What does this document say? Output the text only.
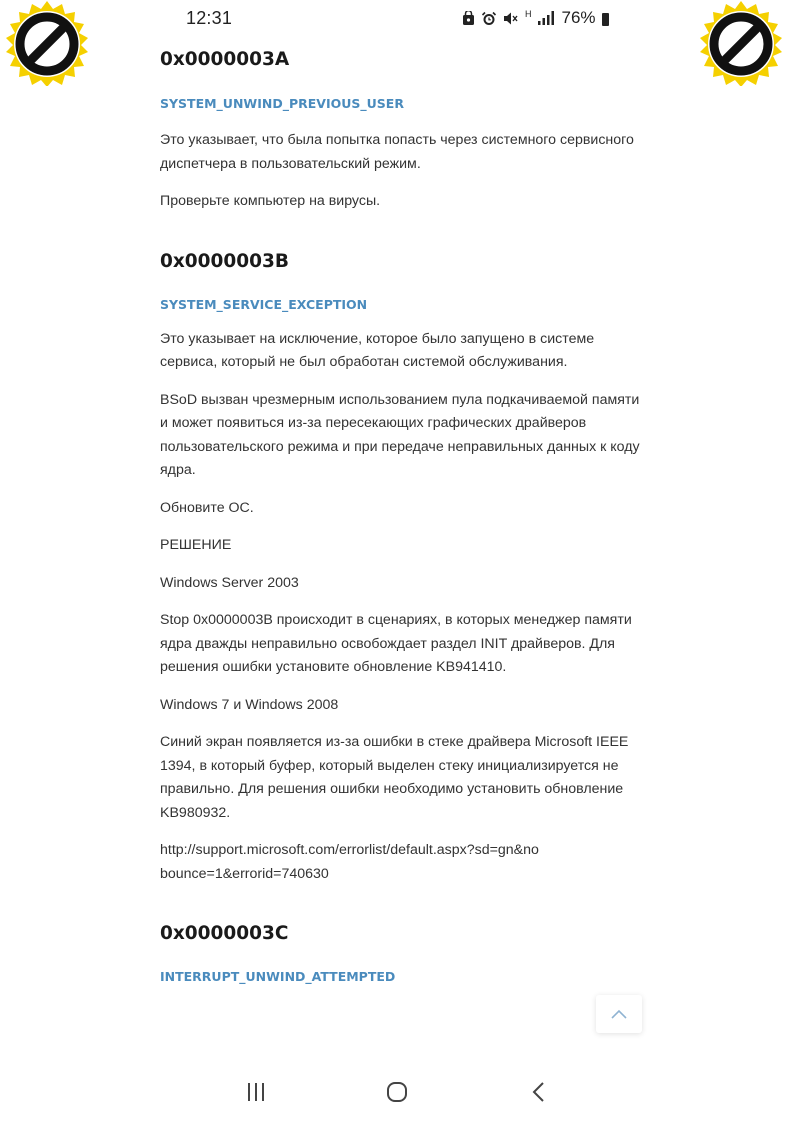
12:31	H 76%
0x0000003A
SYSTEM_UNWIND_PREVIOUS_USER

Это указывает, что была попытка попасть через системного сервисного диспетчера в пользовательский режим.

Проверьте компьютер на вирусы.

0x0000003B
SYSTEM_SERVICE_EXCEPTION

Это указывает на исключение, которое было запущено в системе сервиса, который не был обработан системой обслуживания.

BSoD вызван чрезмерным использованием пула подкачиваемой памяти и может появиться из-за пересекающих графических драйверов пользовательского режима и при передаче неправильных данных к коду ядра.

Обновите ОС.

РЕШЕНИЕ

Windows Server 2003

Stop 0x0000003B происходит в сценариях, в которых менеджер памяти ядра дважды неправильно освобождает раздел INIT драйверов. Для решения ошибки установите обновление KB941410.

Windows 7 и Windows 2008

Синий экран появляется из-за ошибки в стеке драйвера Microsoft IEEE 1394, в который буфер, который выделен стеку инициализируется не правильно. Для решения ошибки необходимо установить обновление KB980932.

http://support.microsoft.com/errorlist/default.aspx?sd=gn&nobounce=1&errorid=740630

0x0000003C
INTERRUPT_UNWIND_ATTEMPTED
